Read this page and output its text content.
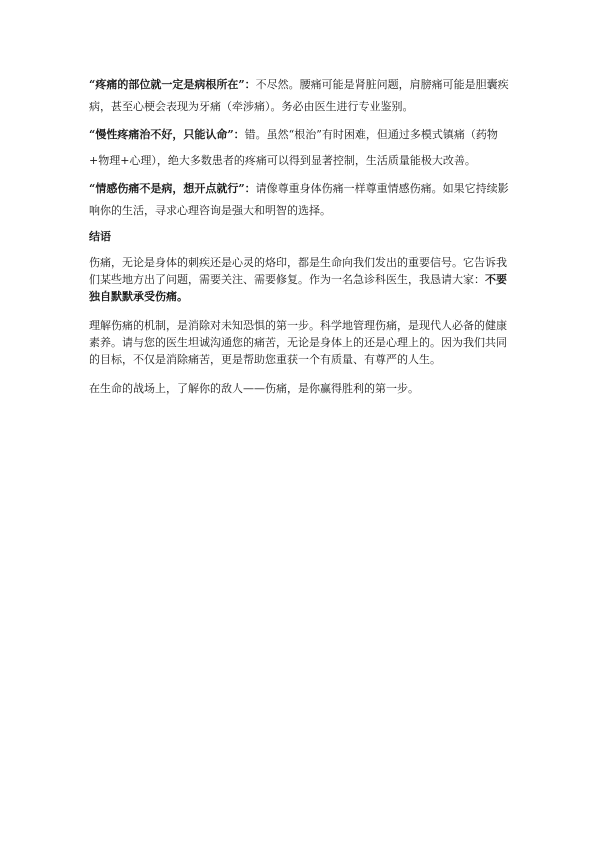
“疼痛的部位就一定是病根所在”：不尽然。腰痛可能是肾脏问题，肩膀痛可能是胆囊疾病，甚至心梗会表现为牙痛（牵涉痛）。务必由医生进行专业鉴别。

“慢性疼痛治不好，只能认命”：错。虽然“根治”有时困难，但通过多模式镇痛（药物+物理+心理），绝大多数患者的疼痛可以得到显著控制，生活质量能极大改善。

“情感伤痛不是病，想开点就行”：请像尊重身体伤痛一样尊重情感伤痛。如果它持续影响你的生活，寻求心理咨询是强大和明智的选择。

结语

伤痛，无论是身体的刺疾还是心灵的烙印，都是生命向我们发出的重要信号。它告诉我们某些地方出了问题，需要关注、需要修复。作为一名急诊科医生，我恳请大家：不要独自默默承受伤痛。

理解伤痛的机制，是消除对未知恐惧的第一步。科学地管理伤痛，是现代人必备的健康素养。请与您的医生坦诚沟通您的痛苦，无论是身体上的还是心理上的。因为我们共同的目标，不仅是消除痛苦，更是帮助您重获一个有质量、有尊严的人生。

在生命的战场上，了解你的敌人——伤痛，是你赢得胜利的第一步。
